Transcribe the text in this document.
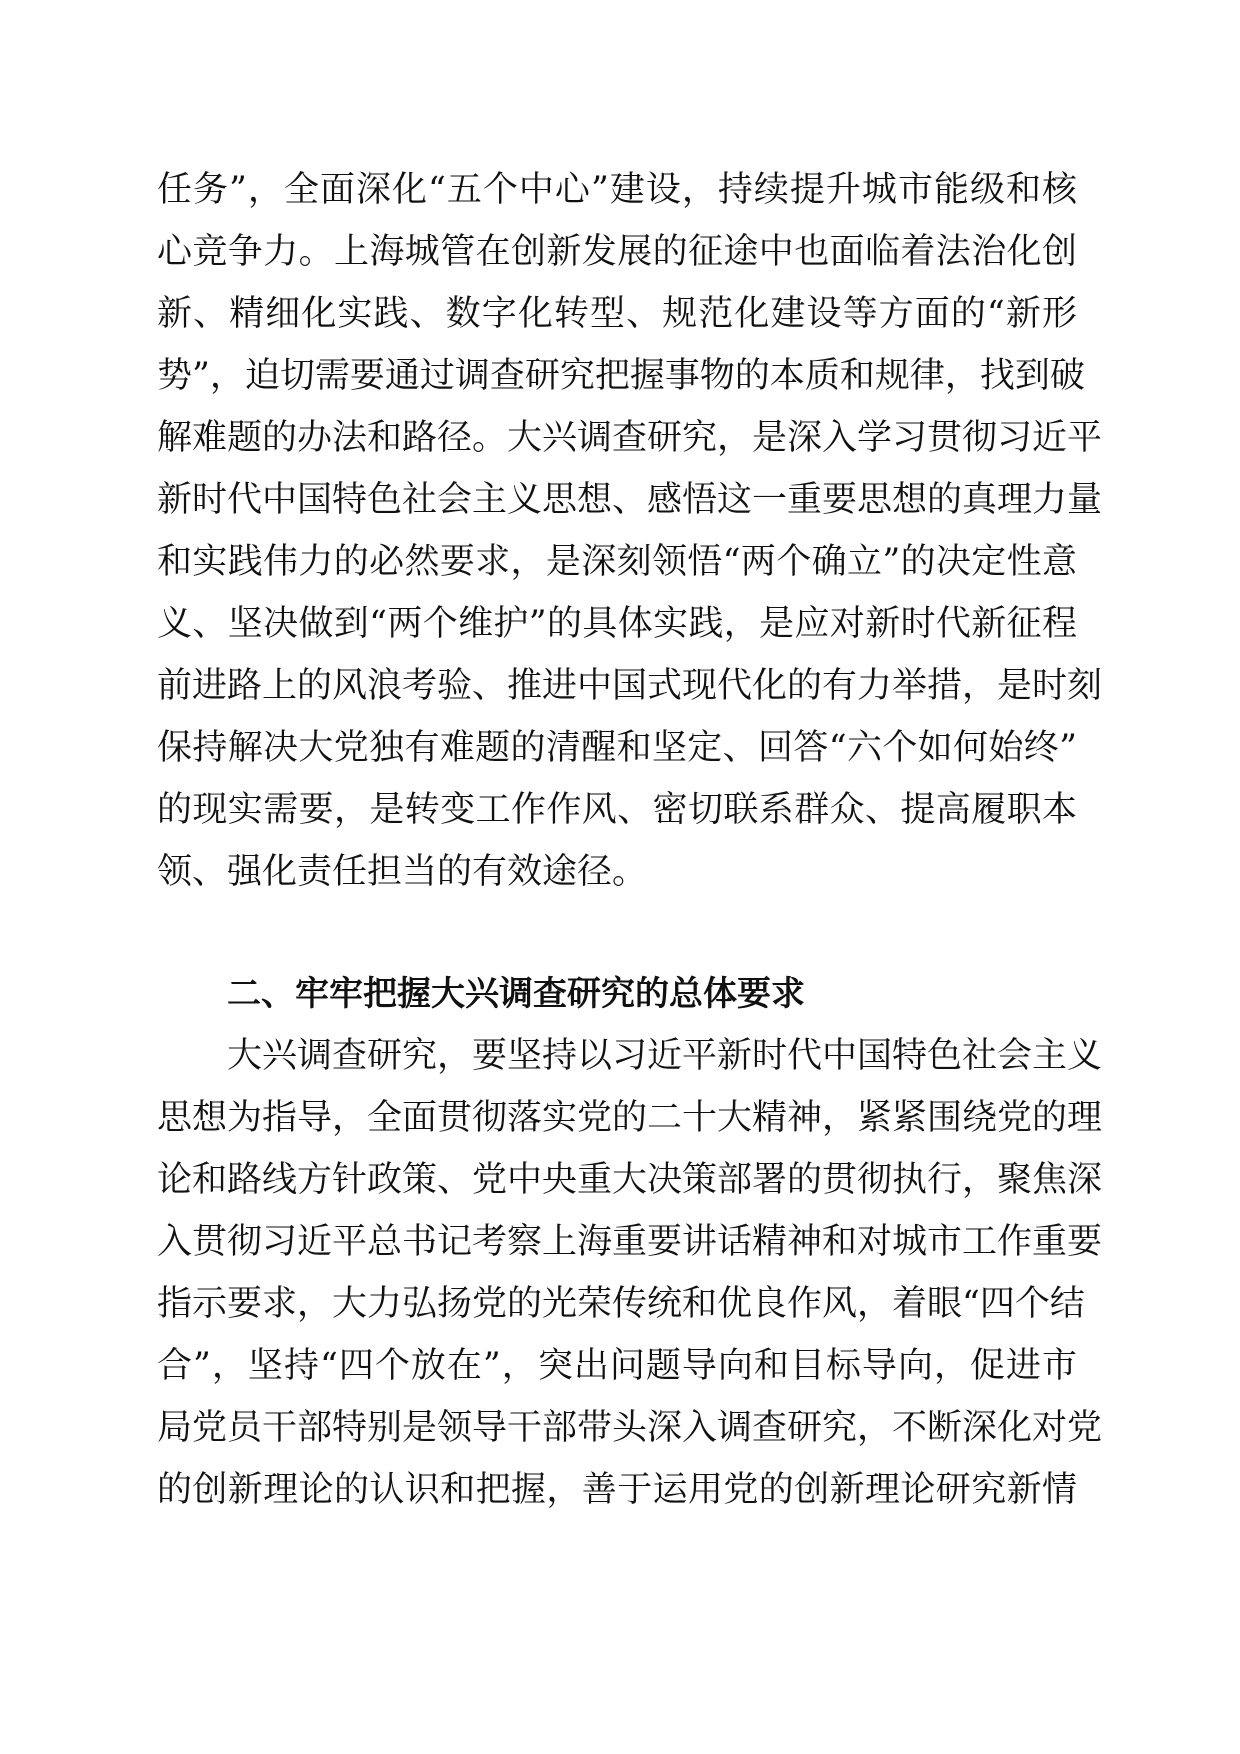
任务”，全面深化“五个中心”建设，持续提升城市能级和核
心竞争力。上海城管在创新发展的征途中也面临着法治化创
新、精细化实践、数字化转型、规范化建设等方面的“新形
势”，迫切需要通过调查研究把握事物的本质和规律，找到破
解难题的办法和路径。大兴调查研究，是深入学习贯彻习近平
新时代中国特色社会主义思想、感悟这一重要思想的真理力量
和实践伟力的必然要求，是深刻领悟“两个确立”的决定性意
义、坚决做到“两个维护”的具体实践，是应对新时代新征程
前进路上的风浪考验、推进中国式现代化的有力举措，是时刻
保持解决大党独有难题的清醒和坚定、回答“六个如何始终”
的现实需要，是转变工作作风、密切联系群众、提高履职本
领、强化责任担当的有效途径。
二、牢牢把握大兴调查研究的总体要求
大兴调查研究，要坚持以习近平新时代中国特色社会主义
思想为指导，全面贯彻落实党的二十大精神，紧紧围绕党的理
论和路线方针政策、党中央重大决策部署的贯彻执行，聚焦深
入贯彻习近平总书记考察上海重要讲话精神和对城市工作重要
指示要求，大力弘扬党的光荣传统和优良作风，着眼“四个结
合”，坚持“四个放在”，突出问题导向和目标导向，促进市
局党员干部特别是领导干部带头深入调查研究，不断深化对党
的创新理论的认识和把握，善于运用党的创新理论研究新情
